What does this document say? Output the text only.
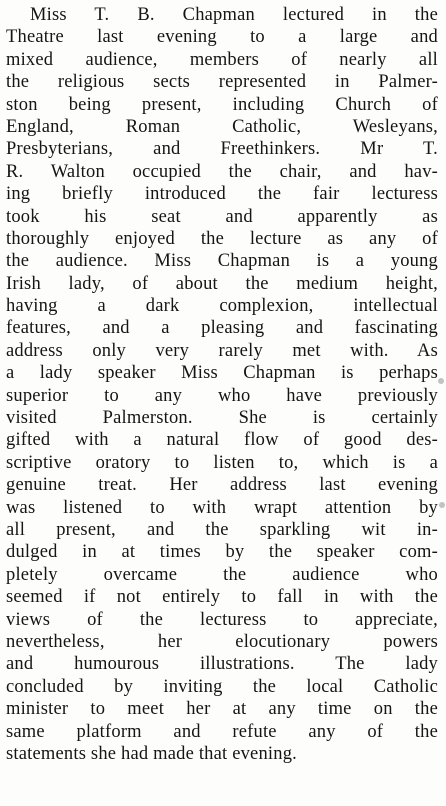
Miss T. B. Chapman lectured in the
Theatre last evening to a large and
mixed audience, members of nearly all
the religious sects represented in Palmer-
ston being present, including Church of
England, Roman Catholic, Wesleyans,
Presbyterians, and Freethinkers. Mr T.
R. Walton occupied the chair, and hav-
ing briefly introduced the fair lecturess
took his seat and apparently as
thoroughly enjoyed the lecture as any of
the audience. Miss Chapman is a young
Irish lady, of about the medium height,
having a dark complexion, intellectual
features, and a pleasing and fascinating
address only very rarely met with. As
a lady speaker Miss Chapman is perhaps
superior to any who have previously
visited Palmerston. She is certainly
gifted with a natural flow of good des-
scriptive oratory to listen to, which is a
genuine treat. Her address last evening
was listened to with wrapt attention by
all present, and the sparkling wit in-
dulged in at times by the speaker com-
pletely overcame the audience who
seemed if not entirely to fall in with the
views of the lecturess to appreciate,
nevertheless, her elocutionary powers
and humourous illustrations. The lady
concluded by inviting the local Catholic
minister to meet her at any time on the
same platform and refute any of the
statements she had made that evening.
